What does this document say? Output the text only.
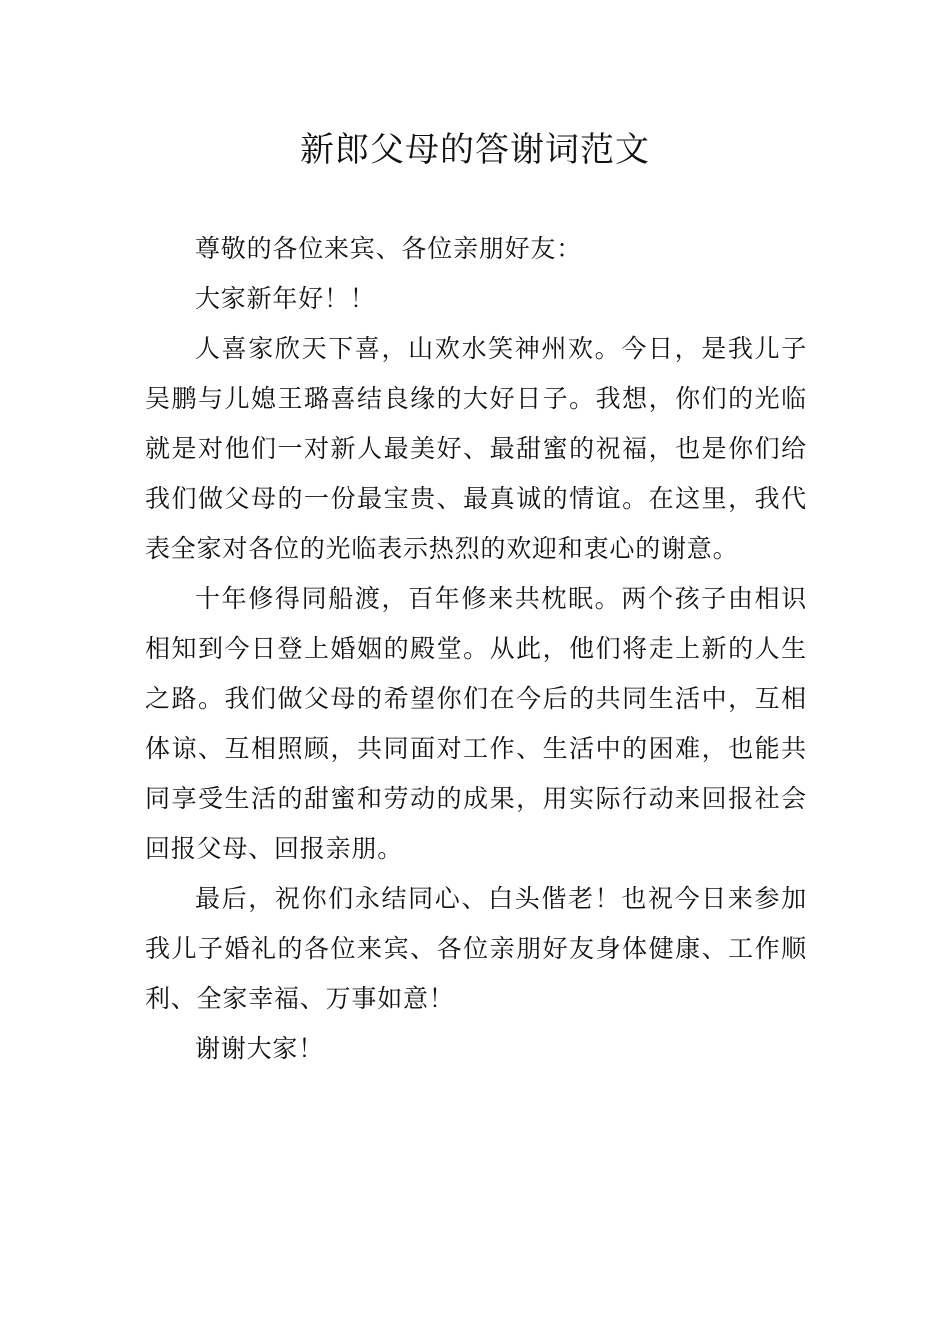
新郎父母的答谢词范文

尊敬的各位来宾、各位亲朋好友：

大家新年好！！

人喜家欣天下喜，山欢水笑神州欢。今日，是我儿子吴鹏与儿媳王璐喜结良缘的大好日子。我想，你们的光临就是对他们一对新人最美好、最甜蜜的祝福，也是你们给我们做父母的一份最宝贵、最真诚的情谊。在这里，我代表全家对各位的光临表示热烈的欢迎和衷心的谢意。

十年修得同船渡，百年修来共枕眠。两个孩子由相识相知到今日登上婚姻的殿堂。从此，他们将走上新的人生之路。我们做父母的希望你们在今后的共同生活中，互相体谅、互相照顾，共同面对工作、生活中的困难，也能共同享受生活的甜蜜和劳动的成果，用实际行动来回报社会回报父母、回报亲朋。

最后，祝你们永结同心、白头偕老！也祝今日来参加我儿子婚礼的各位来宾、各位亲朋好友身体健康、工作顺利、全家幸福、万事如意！

谢谢大家！
